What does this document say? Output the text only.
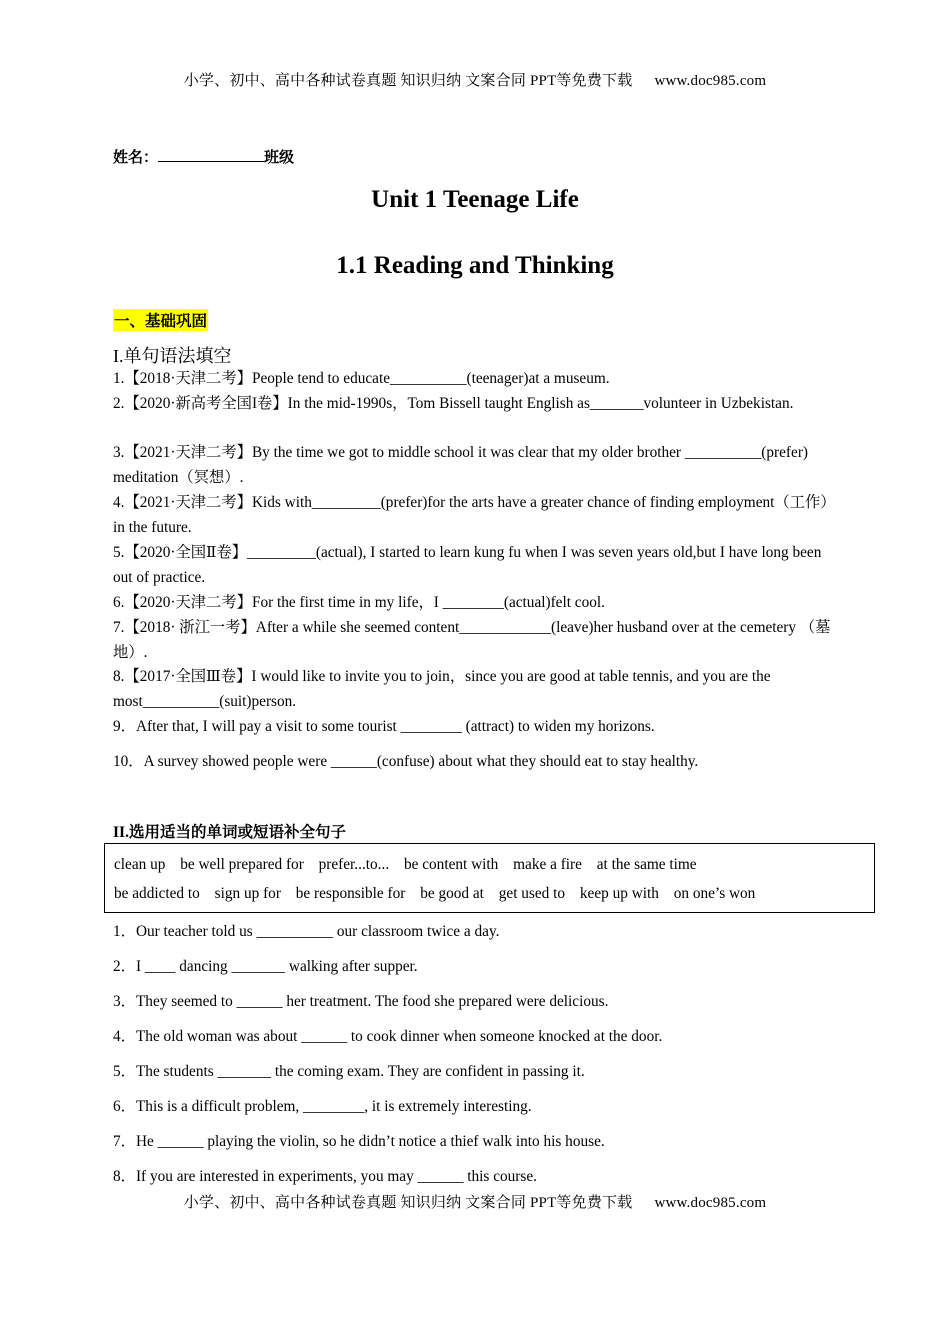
小学、初中、高中各种试卷真题 知识归纳 文案合同 PPT等免费下载 www.doc985.com
姓名：	班级
Unit 1 Teenage Life
1.1 Reading and Thinking
一、基础巩固
I.单句语法填空
1.【2018·天津二考】People tend to educate__________(teenager)at a museum.
2.【2020·新高考全国I卷】In the mid-1990s，Tom Bissell taught English as_______volunteer in Uzbekistan.
3.【2021·天津二考】By the time we got to middle school it was clear that my older brother __________(prefer) meditation（冥想）.
4.【2021·天津二考】Kids with_________(prefer)for the arts have a greater chance of finding employment（工作）in the future.
5.【2020·全国Ⅱ卷】_________(actual), I started to learn kung fu when I was seven years old,but I have long been out of practice.
6.【2020·天津二考】For the first time in my life，I ________(actual)felt cool.
7.【2018· 浙江一考】After a while she seemed content____________(leave)her husband over at the cemetery （墓地）.
8.【2017·全国Ⅲ卷】I would like to invite you to join，since you are good at table tennis, and you are the most__________(suit)person.
9．After that, I will pay a visit to some tourist ________ (attract) to widen my horizons.
10．A survey showed people were ______(confuse) about what they should eat to stay healthy.
II.选用适当的单词或短语补全句子
clean up be well prepared for prefer...to... be content with make a fire at the same time
be addicted to sign up for be responsible for be good at get used to keep up with on one’s won
1．Our teacher told us __________ our classroom twice a day.
2．I ____ dancing _______ walking after supper.
3．They seemed to ______ her treatment. The food she prepared were delicious.
4．The old woman was about ______ to cook dinner when someone knocked at the door.
5．The students _______ the coming exam. They are confident in passing it.
6．This is a difficult problem, ________, it is extremely interesting.
7．He ______ playing the violin, so he didn’t notice a thief walk into his house.
8．If you are interested in experiments, you may ______ this course.
小学、初中、高中各种试卷真题 知识归纳 文案合同 PPT等免费下载 www.doc985.com
